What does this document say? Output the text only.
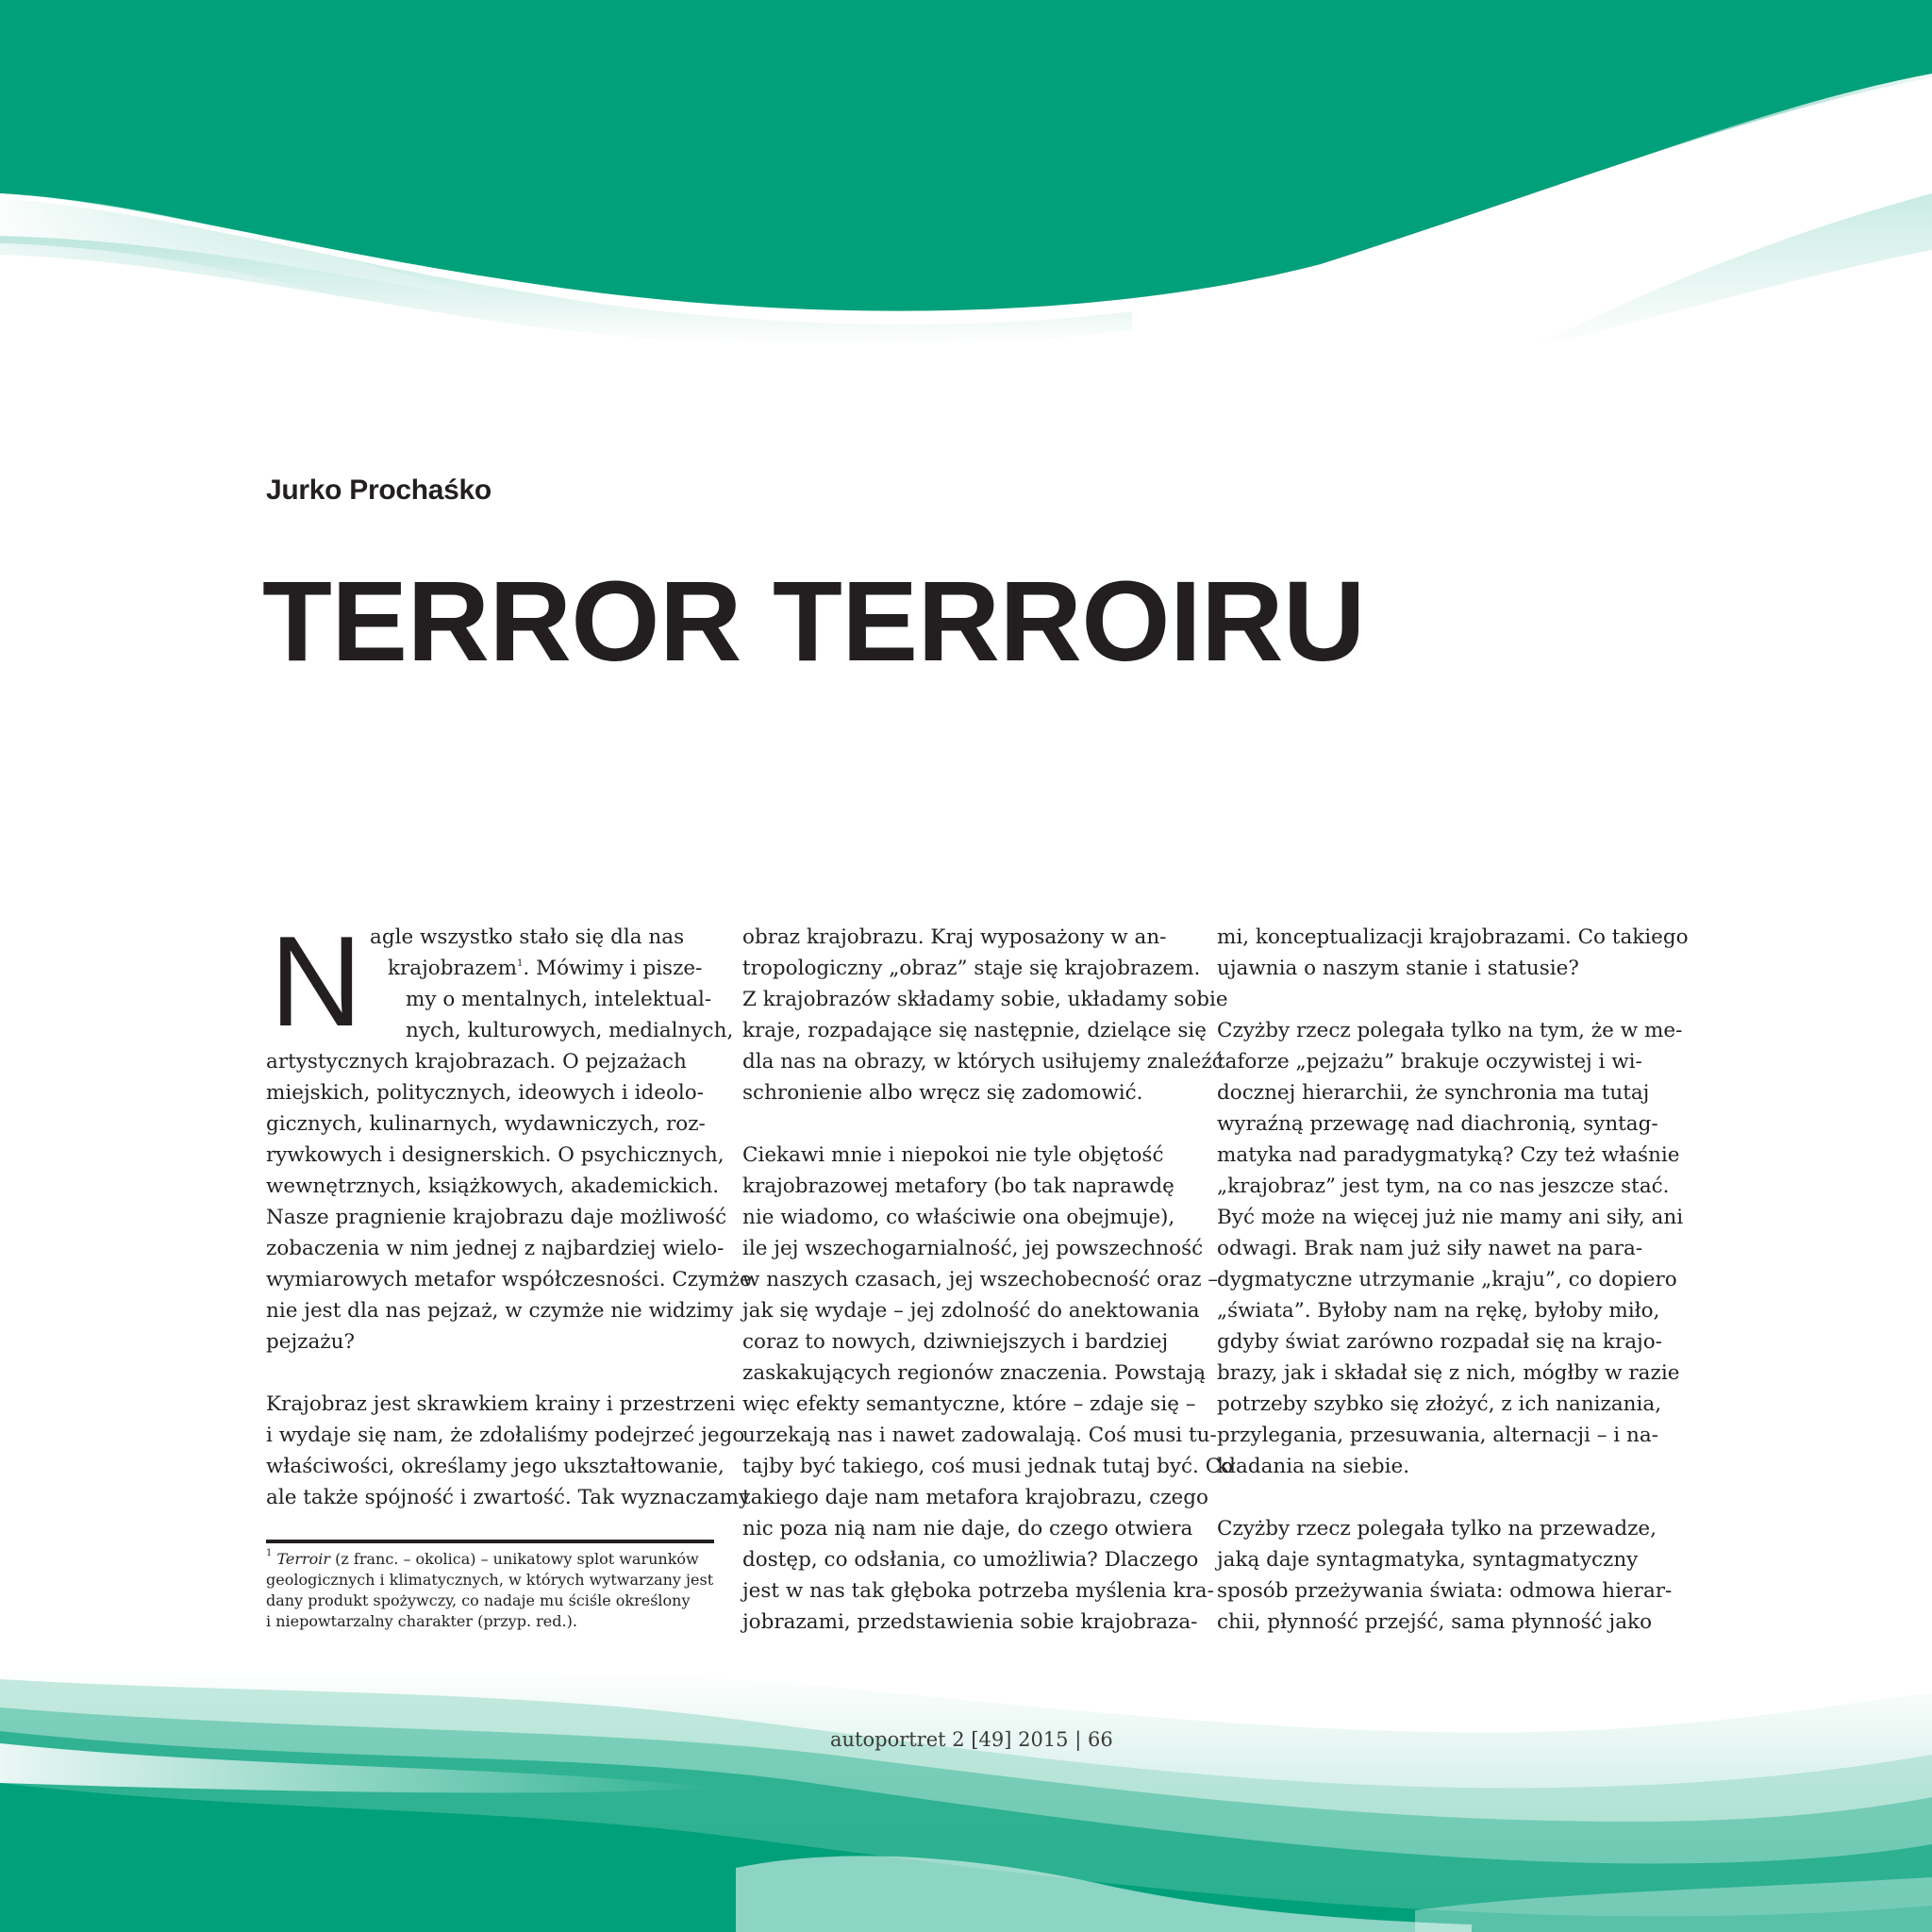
Jurko Prochaśko
TERROR TERROIRU

N agle wszystko stało się dla nas
krajobrazem$^1$. Mówimy i pisze-
my o mentalnych, intelektual-
nych, kulturowych, medialnych,
artystycznych krajobrazach. O pejzażach
miejskich, politycznych, ideowych i ideolo-
gicznych, kulinarnych, wydawniczych, roz-
rywkowych i designerskich. O psychicznych,
wewnętrznych, książkowych, akademickich.
Nasze pragnienie krajobrazu daje możliwość
zobaczenia w nim jednej z najbardziej wielo-
wymiarowych metafor współczesności. Czymże
nie jest dla nas pejzaż, w czymże nie widzimy
pejzażu?

Krajobraz jest skrawkiem krainy i przestrzeni
i wydaje się nam, że zdołaliśmy podejrzeć jego
właściwości, określamy jego ukształtowanie,
ale także spójność i zwartość. Tak wyznaczamy

$^1$ Terroir (z franc. – okolica) – unikatowy splot warunków
geologicznych i klimatycznych, w których wytwarzany jest
dany produkt spożywczy, co nadaje mu ściśle określony
i niepowtarzalny charakter (przyp. red.).

obraz krajobrazu. Kraj wyposażony w an-
tropologiczny „obraz” staje się krajobrazem.
Z krajobrazów składamy sobie, układamy sobie
kraje, rozpadające się następnie, dzielące się
dla nas na obrazy, w których usiłujemy znaleźć
schronienie albo wręcz się zadomowić.

Ciekawi mnie i niepokoi nie tyle objętość
krajobrazowej metafory (bo tak naprawdę
nie wiadomo, co właściwie ona obejmuje),
ile jej wszechogarnialność, jej powszechność
w naszych czasach, jej wszechobecność oraz –
jak się wydaje – jej zdolność do anektowania
coraz to nowych, dziwniejszych i bardziej
zaskakujących regionów znaczenia. Powstają
więc efekty semantyczne, które – zdaje się –
urzekają nas i nawet zadowalają. Coś musi tu-
tajby być takiego, coś musi jednak tutaj być. Co
takiego daje nam metafora krajobrazu, czego
nic poza nią nam nie daje, do czego otwiera
dostęp, co odsłania, co umożliwia? Dlaczego
jest w nas tak głęboka potrzeba myślenia kra-
jobrazami, przedstawienia sobie krajobraza-

mi, konceptualizacji krajobrazami. Co takiego
ujawnia o naszym stanie i statusie?

Czyżby rzecz polegała tylko na tym, że w me-
taforze „pejzażu” brakuje oczywistej i wi-
docznej hierarchii, że synchronia ma tutaj
wyraźną przewagę nad diachronią, syntag-
matyka nad paradygmatyką? Czy też właśnie
„krajobraz” jest tym, na co nas jeszcze stać.
Być może na więcej już nie mamy ani siły, ani
odwagi. Brak nam już siły nawet na para-
dygmatyczne utrzymanie „kraju”, co dopiero
„świata”. Byłoby nam na rękę, byłoby miło,
gdyby świat zarówno rozpadał się na krajo-
brazy, jak i składał się z nich, mógłby w razie
potrzeby szybko się złożyć, z ich nanizania,
przylegania, przesuwania, alternacji – i na-
kładania na siebie.

Czyżby rzecz polegała tylko na przewadze,
jaką daje syntagmatyka, syntagmatyczny
sposób przeżywania świata: odmowa hierar-
chii, płynność przejść, sama płynność jako

autoportret 2 [49] 2015 | 66
